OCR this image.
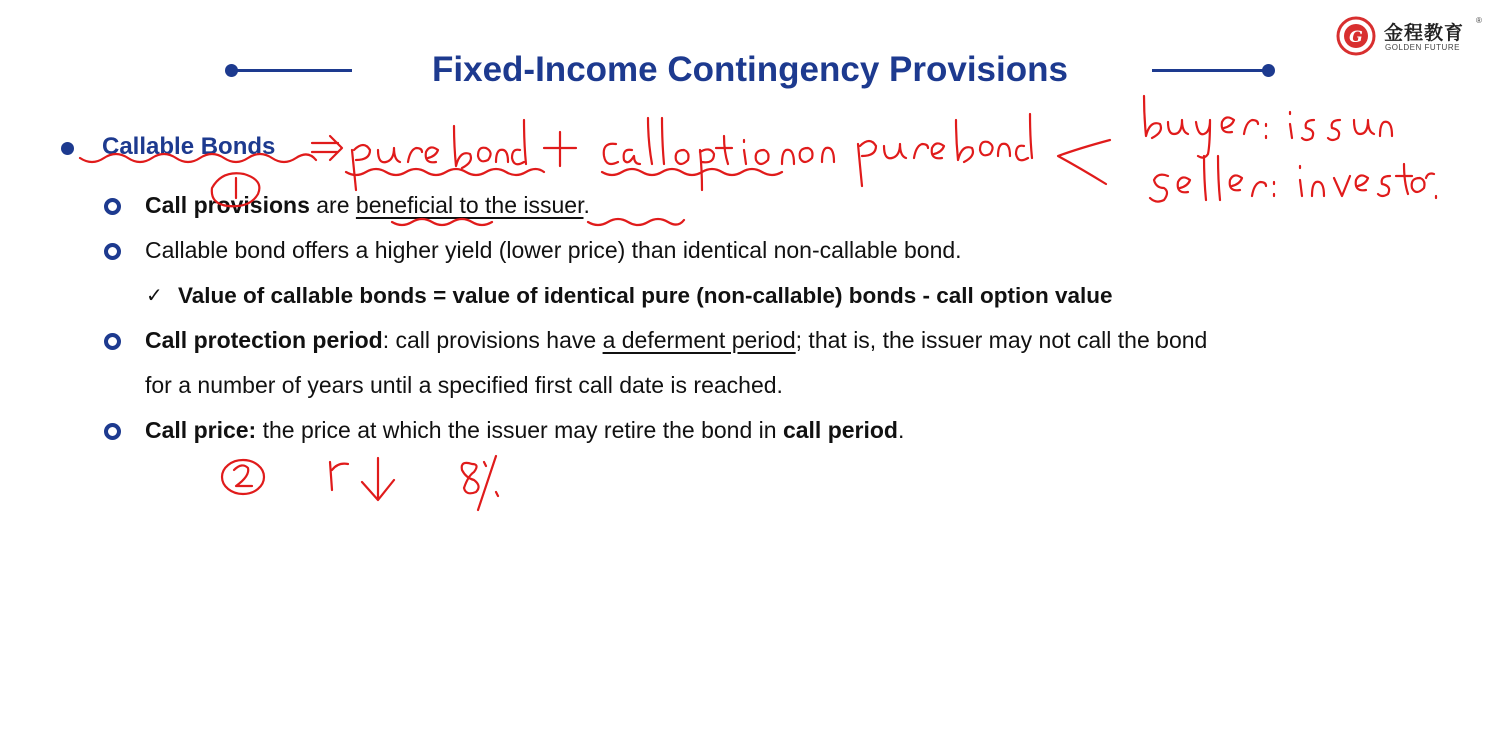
G 金程教育
®
GOLDEN FUTURE
Fixed-Income Contingency Provisions
Callable Bonds
Call provisions are beneficial to the issuer.
Callable bond offers a higher yield (lower price) than identical non-callable bond.
✓ Value of callable bonds = value of identical pure (non-callable) bonds - call option value
Call protection period: call provisions have a deferment period; that is, the issuer may not call the bond
for a number of years until a specified first call date is reached.
Call price: the price at which the issuer may retire the bond in call period.
